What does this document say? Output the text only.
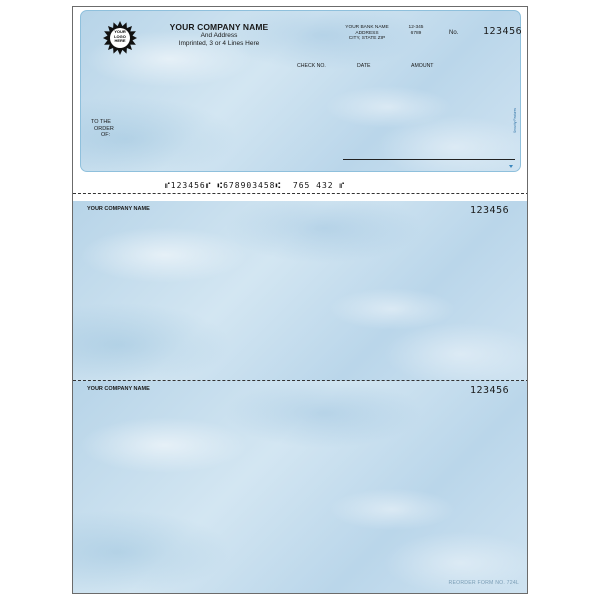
YOUR
LOGO
HERE
YOUR COMPANY NAME
And Address
Imprinted, 3 or 4 Lines Here
YOUR BANK NAME
ADDRESS
CITY, STATE ZIP
12-345
6789	No. 123456
CHECK NO.	DATE	AMOUNT
TO THE
ORDER
OF:
Security Features
⑈123456⑈ ⑆678903458⑆  765 432 ⑈
YOUR COMPANY NAME	123456
YOUR COMPANY NAME	123456
REORDER FORM NO. 724L
